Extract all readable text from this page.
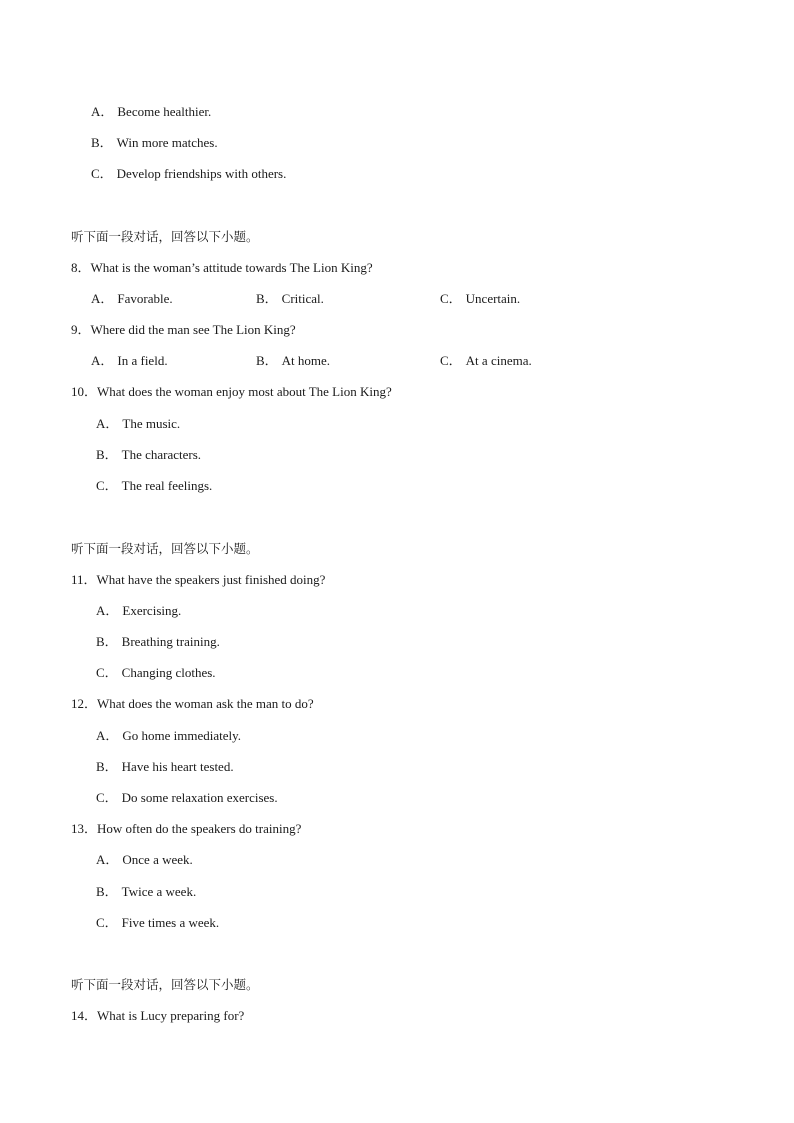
A． Become healthier.
B． Win more matches.
C． Develop friendships with others.
听下面一段对话，回答以下小题。
8．What is the woman’s attitude towards The Lion King?
A． Favorable.	B． Critical.	C． Uncertain.
9．Where did the man see The Lion King?
A． In a field.	B． At home.	C． At a cinema.
10．What does the woman enjoy most about The Lion King?
A． The music.
B． The characters.
C． The real feelings.
听下面一段对话，回答以下小题。
11．What have the speakers just finished doing?
A． Exercising.
B． Breathing training.
C． Changing clothes.
12．What does the woman ask the man to do?
A． Go home immediately.
B． Have his heart tested.
C． Do some relaxation exercises.
13．How often do the speakers do training?
A． Once a week.
B． Twice a week.
C． Five times a week.
听下面一段对话，回答以下小题。
14．What is Lucy preparing for?
